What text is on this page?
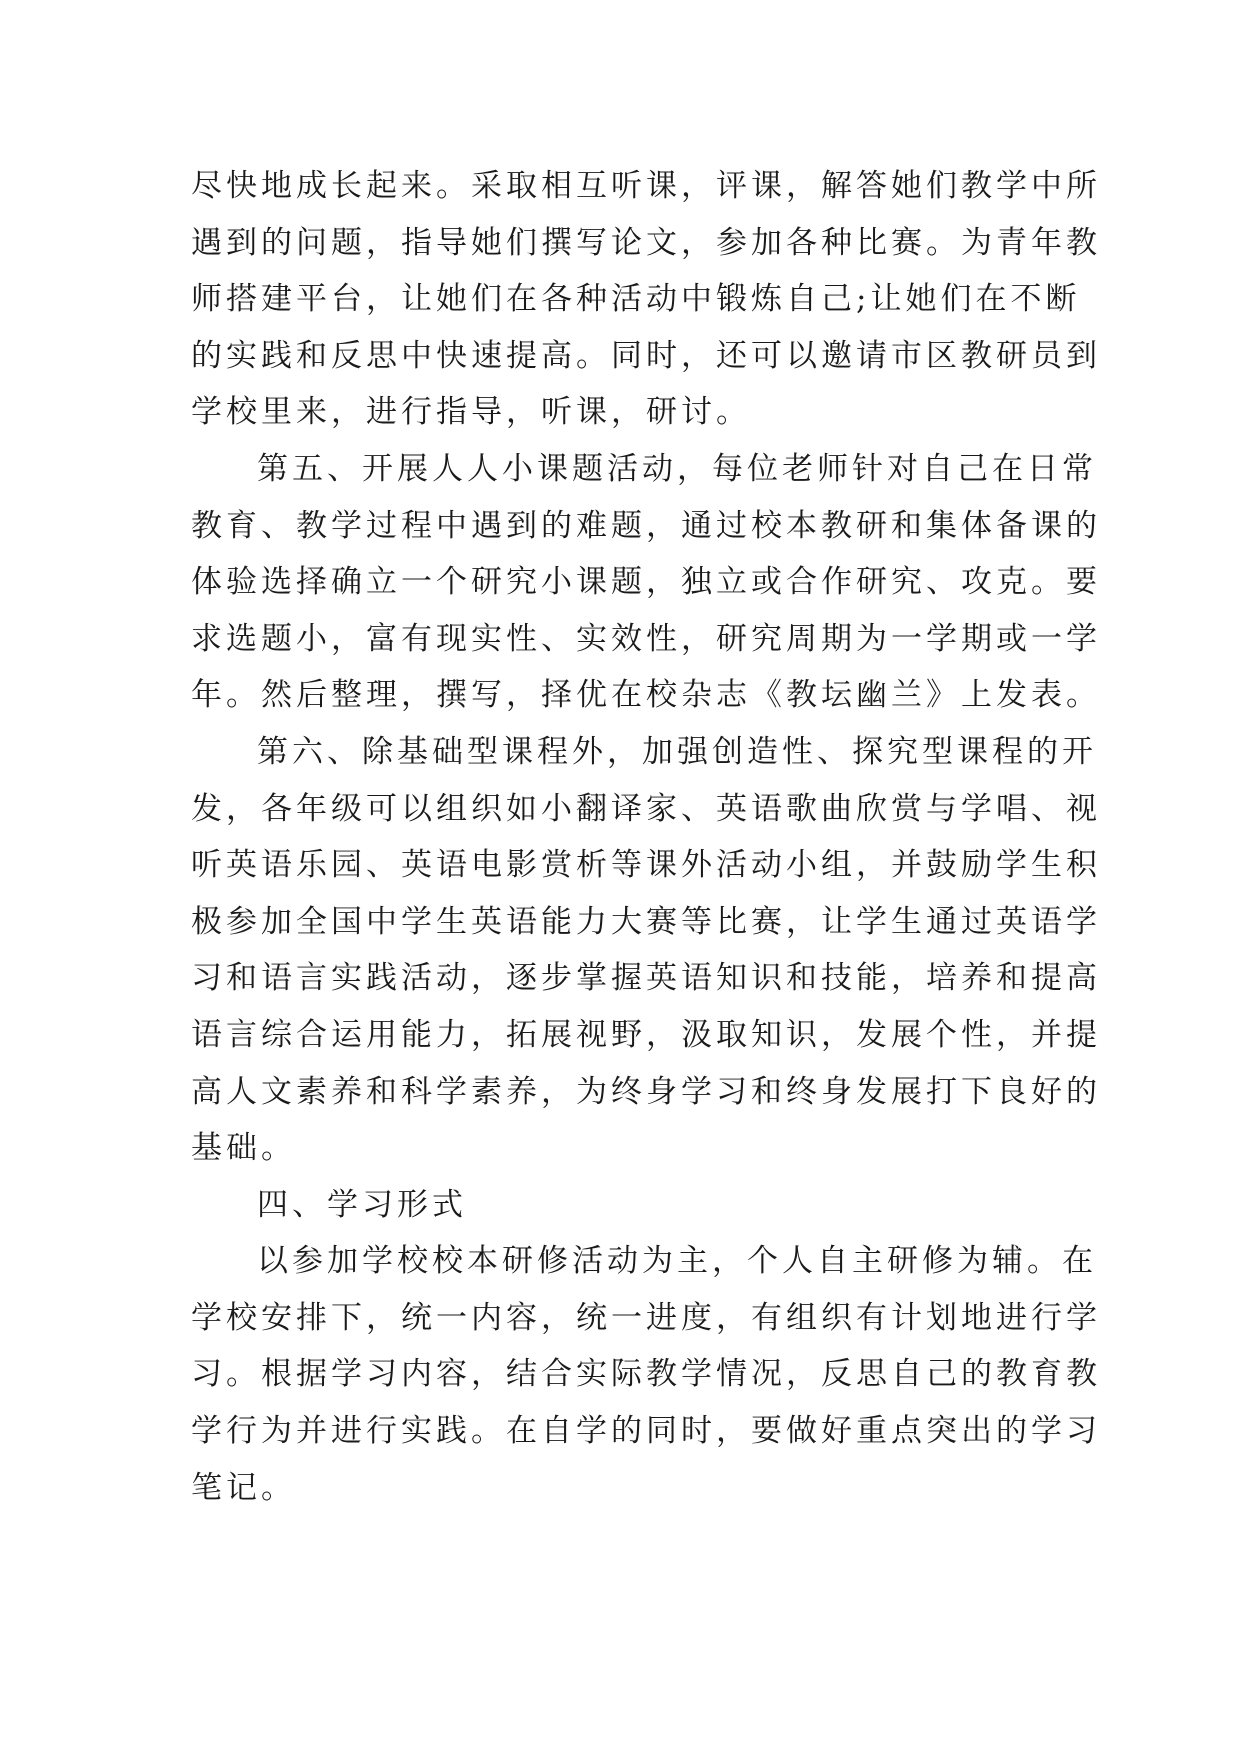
尽快地成长起来。采取相互听课，评课，解答她们教学中所
遇到的问题，指导她们撰写论文，参加各种比赛。为青年教
师搭建平台，让她们在各种活动中锻炼自己;让她们在不断
的实践和反思中快速提高。同时，还可以邀请市区教研员到
学校里来，进行指导，听课，研讨。
第五、开展人人小课题活动，每位老师针对自己在日常
教育、教学过程中遇到的难题，通过校本教研和集体备课的
体验选择确立一个研究小课题，独立或合作研究、攻克。要
求选题小，富有现实性、实效性，研究周期为一学期或一学
年。然后整理，撰写，择优在校杂志《教坛幽兰》上发表。
第六、除基础型课程外，加强创造性、探究型课程的开
发，各年级可以组织如小翻译家、英语歌曲欣赏与学唱、视
听英语乐园、英语电影赏析等课外活动小组，并鼓励学生积
极参加全国中学生英语能力大赛等比赛，让学生通过英语学
习和语言实践活动，逐步掌握英语知识和技能，培养和提高
语言综合运用能力，拓展视野，汲取知识，发展个性，并提
高人文素养和科学素养，为终身学习和终身发展打下良好的
基础。
四、学习形式
以参加学校校本研修活动为主，个人自主研修为辅。在
学校安排下，统一内容，统一进度，有组织有计划地进行学
习。根据学习内容，结合实际教学情况，反思自己的教育教
学行为并进行实践。在自学的同时，要做好重点突出的学习
笔记。
